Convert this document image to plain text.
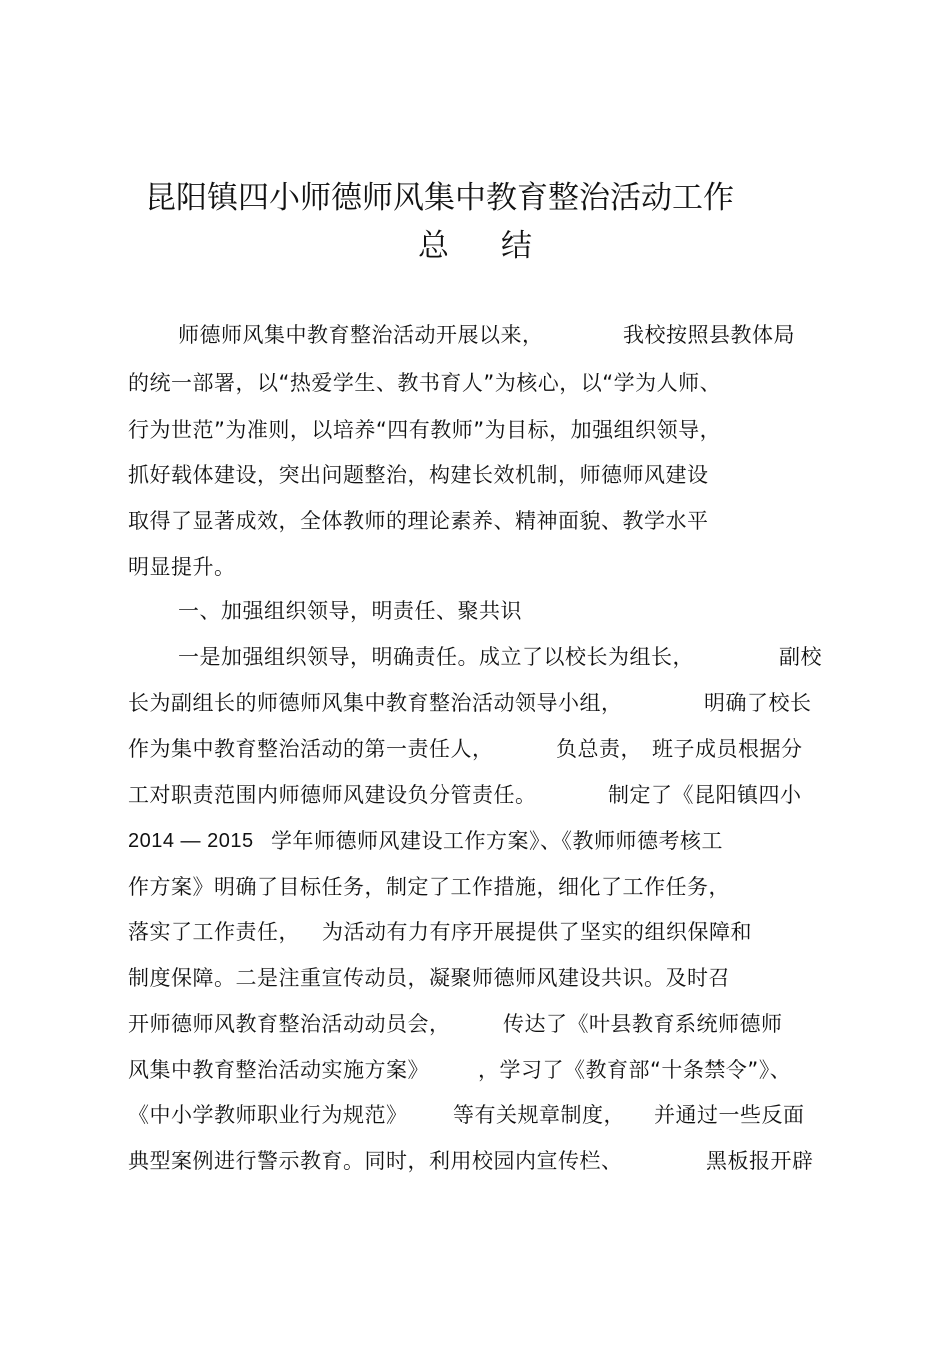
昆阳镇四小师德师风集中教育整治活动工作
总 结
师德师风集中教育整治活动开展以来，	我校按照县教体局
的统一部署，以“热爱学生、教书育人”为核心，以“学为人师、
行为世范”为准则，以培养“四有教师”为目标，加强组织领导，
抓好载体建设，突出问题整治，构建长效机制，师德师风建设
取得了显著成效，全体教师的理论素养、精神面貌、教学水平
明显提升。
一、加强组织领导，明责任、聚共识
一是加强组织领导，明确责任。成立了以校长为组长，	副校
长为副组长的师德师风集中教育整治活动领导小组，	明确了校长
作为集中教育整治活动的第一责任人，	负总责， 班子成员根据分
工对职责范围内师德师风建设负分管责任。	制定了《昆阳镇四小
2014 — 2015 学年师德师风建设工作方案》、《教师师德考核工
作方案》明确了目标任务，制定了工作措施，细化了工作任务，
落实了工作责任， 为活动有力有序开展提供了坚实的组织保障和
制度保障。二是注重宣传动员，凝聚师德师风建设共识。及时召
开师德师风教育整治活动动员会，	传达了《叶县教育系统师德师
风集中教育整治活动实施方案》 ，学习了《教育部“十条禁令”》、
《中小学教师职业行为规范》 等有关规章制度， 并通过一些反面
典型案例进行警示教育。同时，利用校园内宣传栏、	黑板报开辟
